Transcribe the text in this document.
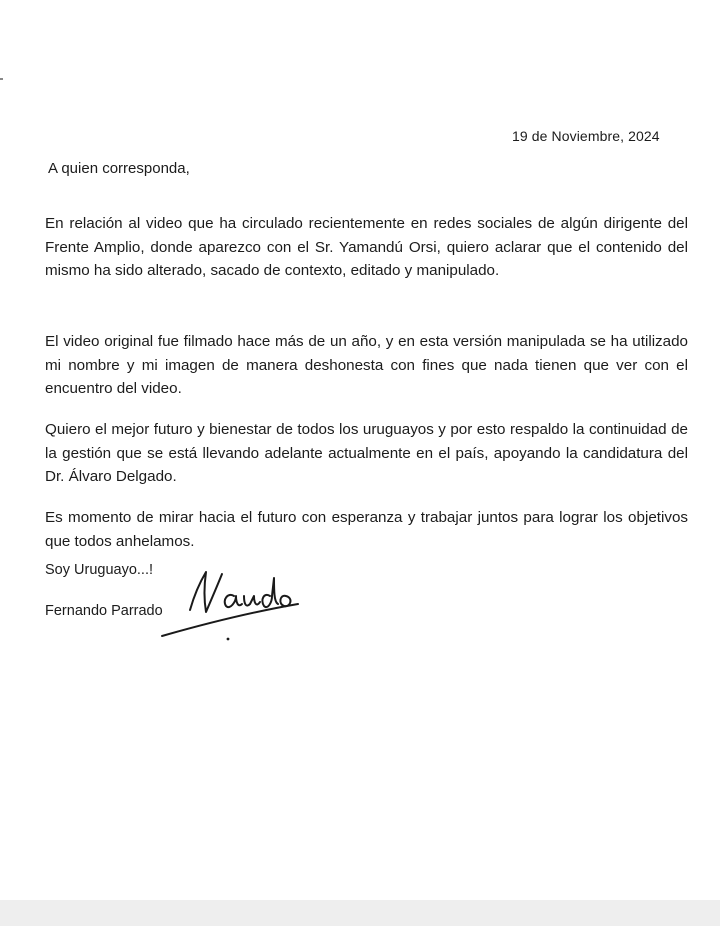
19 de Noviembre, 2024
A quien corresponda,

En relación al video que ha circulado recientemente en redes sociales de algún dirigente del Frente Amplio, donde aparezco con el Sr. Yamandú Orsi, quiero aclarar que el contenido del mismo ha sido alterado, sacado de contexto, editado y manipulado.

El video original fue filmado hace más de un año, y en esta versión manipulada se ha utilizado mi nombre y mi imagen de manera deshonesta con fines que nada tienen que ver con el encuentro del video.

Quiero el mejor futuro y bienestar de todos los uruguayos y por esto respaldo la continuidad de la gestión que se está llevando adelante actualmente en el país, apoyando la candidatura del Dr. Álvaro Delgado.

Es momento de mirar hacia el futuro con esperanza y trabajar juntos para lograr los objetivos que todos anhelamos.

Soy Uruguayo...!
Fernando Parrado
